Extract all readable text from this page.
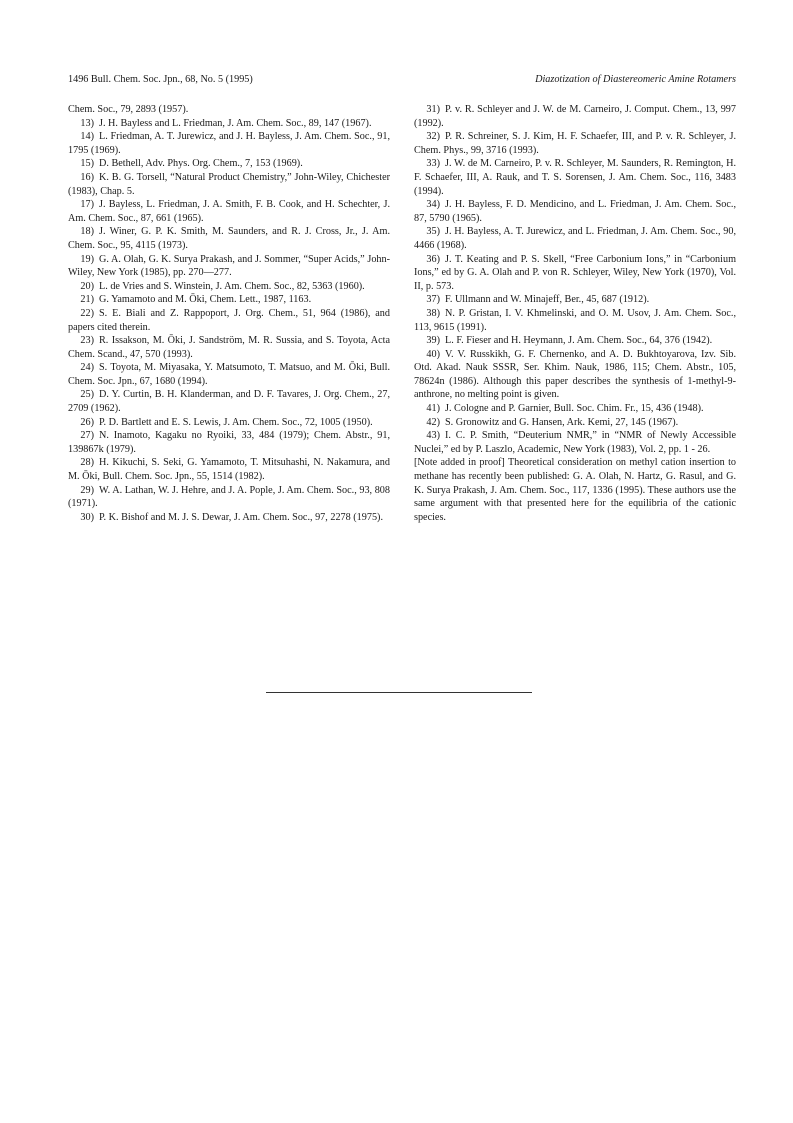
1496 Bull. Chem. Soc. Jpn., 68, No. 5 (1995)	Diazotization of Diastereomeric Amine Rotamers

Chem. Soc., 79, 2893 (1957).

13) J. H. Bayless and L. Friedman, J. Am. Chem. Soc., 89, 147 (1967).

14) L. Friedman, A. T. Jurewicz, and J. H. Bayless, J. Am. Chem. Soc., 91, 1795 (1969).

15) D. Bethell, Adv. Phys. Org. Chem., 7, 153 (1969).

16) K. B. G. Torsell, “Natural Product Chemistry,” John-Wiley, Chichester (1983), Chap. 5.

17) J. Bayless, L. Friedman, J. A. Smith, F. B. Cook, and H. Schechter, J. Am. Chem. Soc., 87, 661 (1965).

18) J. Winer, G. P. K. Smith, M. Saunders, and R. J. Cross, Jr., J. Am. Chem. Soc., 95, 4115 (1973).

19) G. A. Olah, G. K. Surya Prakash, and J. Sommer, “Super Acids,” John-Wiley, New York (1985), pp. 270—277.

20) L. de Vries and S. Winstein, J. Am. Chem. Soc., 82, 5363 (1960).

21) G. Yamamoto and M. Ōki, Chem. Lett., 1987, 1163.

22) S. E. Biali and Z. Rappoport, J. Org. Chem., 51, 964 (1986), and papers cited therein.

23) R. Issakson, M. Ōki, J. Sandström, M. R. Sussia, and S. Toyota, Acta Chem. Scand., 47, 570 (1993).

24) S. Toyota, M. Miyasaka, Y. Matsumoto, T. Matsuo, and M. Ōki, Bull. Chem. Soc. Jpn., 67, 1680 (1994).

25) D. Y. Curtin, B. H. Klanderman, and D. F. Tavares, J. Org. Chem., 27, 2709 (1962).

26) P. D. Bartlett and E. S. Lewis, J. Am. Chem. Soc., 72, 1005 (1950).

27) N. Inamoto, Kagaku no Ryoiki, 33, 484 (1979); Chem. Abstr., 91, 139867k (1979).

28) H. Kikuchi, S. Seki, G. Yamamoto, T. Mitsuhashi, N. Nakamura, and M. Ōki, Bull. Chem. Soc. Jpn., 55, 1514 (1982).

29) W. A. Lathan, W. J. Hehre, and J. A. Pople, J. Am. Chem. Soc., 93, 808 (1971).

30) P. K. Bishof and M. J. S. Dewar, J. Am. Chem. Soc., 97, 2278 (1975).

31) P. v. R. Schleyer and J. W. de M. Carneiro, J. Comput. Chem., 13, 997 (1992).

32) P. R. Schreiner, S. J. Kim, H. F. Schaefer, III, and P. v. R. Schleyer, J. Chem. Phys., 99, 3716 (1993).

33) J. W. de M. Carneiro, P. v. R. Schleyer, M. Saunders, R. Remington, H. F. Schaefer, III, A. Rauk, and T. S. Sorensen, J. Am. Chem. Soc., 116, 3483 (1994).

34) J. H. Bayless, F. D. Mendicino, and L. Friedman, J. Am. Chem. Soc., 87, 5790 (1965).

35) J. H. Bayless, A. T. Jurewicz, and L. Friedman, J. Am. Chem. Soc., 90, 4466 (1968).

36) J. T. Keating and P. S. Skell, “Free Carbonium Ions,” in “Carbonium Ions,” ed by G. A. Olah and P. von R. Schleyer, Wiley, New York (1970), Vol. II, p. 573.

37) F. Ullmann and W. Minajeff, Ber., 45, 687 (1912).

38) N. P. Gristan, I. V. Khmelinski, and O. M. Usov, J. Am. Chem. Soc., 113, 9615 (1991).

39) L. F. Fieser and H. Heymann, J. Am. Chem. Soc., 64, 376 (1942).

40) V. V. Russkikh, G. F. Chernenko, and A. D. Bukhtoyarova, Izv. Sib. Otd. Akad. Nauk SSSR, Ser. Khim. Nauk, 1986, 115; Chem. Abstr., 105, 78624n (1986). Although this paper describes the synthesis of 1-methyl-9-anthrone, no melting point is given.

41) J. Cologne and P. Garnier, Bull. Soc. Chim. Fr., 15, 436 (1948).

42) S. Gronowitz and G. Hansen, Ark. Kemi, 27, 145 (1967).

43) I. C. P. Smith, “Deuterium NMR,” in “NMR of Newly Accessible Nuclei,” ed by P. Laszlo, Academic, New York (1983), Vol. 2, pp. 1 - 26.

[Note added in proof] Theoretical consideration on methyl cation insertion to methane has recently been published: G. A. Olah, N. Hartz, G. Rasul, and G. K. Surya Prakash, J. Am. Chem. Soc., 117, 1336 (1995). These authors use the same argument with that presented here for the equilibria of the cationic species.
